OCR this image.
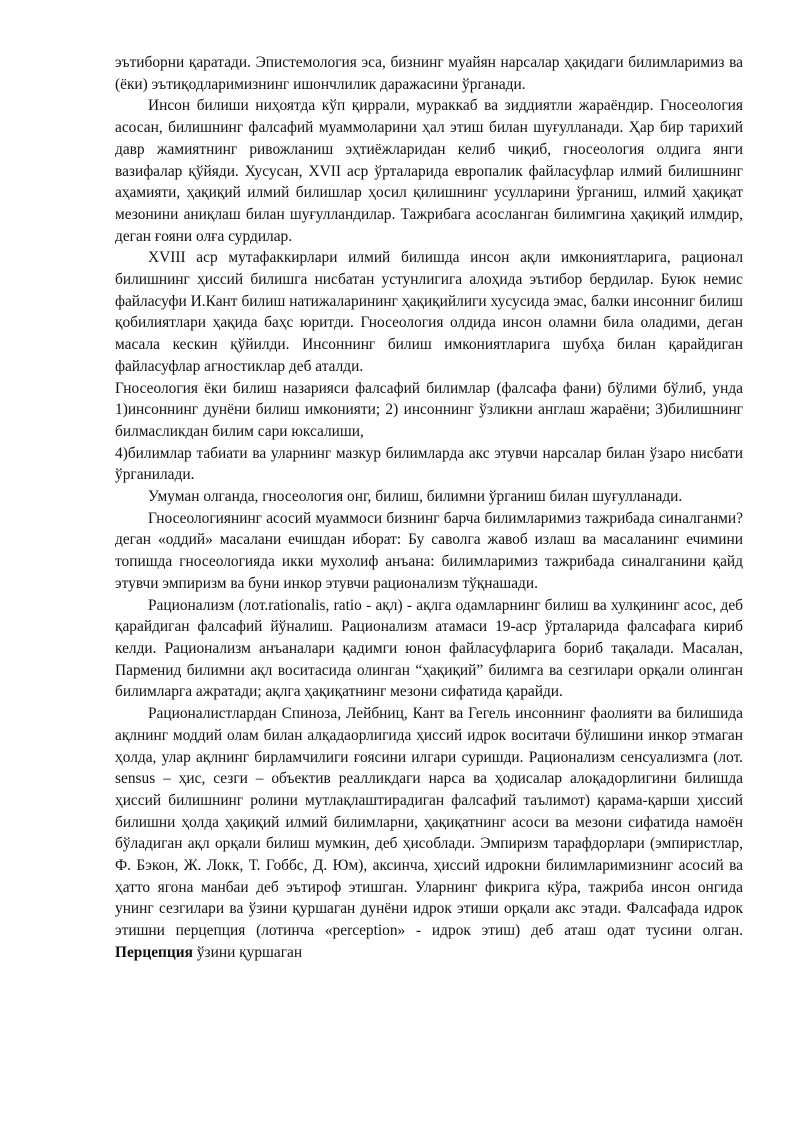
эътиборни қаратади. Эпистемология эса, бизнинг муайян нарсалар ҳақидаги билимларимиз ва (ёки) эътиқодларимизнинг ишончлилик даражасини ўрганади.

Инсон билиши ниҳоятда кўп қиррали, мураккаб ва зиддиятли жараёндир. Гносеология асосан, билишнинг фалсафий муаммоларини ҳал этиш билан шуғулланади. Ҳар бир тарихий давр жамиятнинг ривожланиш эҳтиёжларидан келиб чиқиб, гносеология олдига янги вазифалар қўйяди. Хусусан, XVII аср ўрталарида европалик файласуфлар илмий билишнинг аҳамияти, ҳақиқий илмий билишлар ҳосил қилишнинг усулларини ўрганиш, илмий ҳақиқат мезонини аниқлаш билан шуғулландилар. Тажрибага асосланган билимгина ҳақиқий илмдир, деган ғояни олға сурдилар.

XVIII аср мутафаккирлари илмий билишда инсон ақли имкониятларига, рационал билишнинг ҳиссий билишга нисбатан устунлигига алоҳида эътибор бердилар. Буюк немис файласуфи И.Кант билиш натижаларининг ҳақиқийлиги хусусида эмас, балки инсонниг билиш қобилиятлари ҳақида баҳс юритди. Гносеология олдида инсон оламни била оладими, деган масала кескин қўйилди. Инсоннинг билиш имкониятларига шубҳа билан қарайдиган файласуфлар агностиклар деб аталди.

Гносеология ёки билиш назарияси фалсафий билимлар (фалсафа фани) бўлими бўлиб, унда 1)инсоннинг дунёни билиш имконияти; 2) инсоннинг ўзликни англаш жараёни; 3)билишнинг билмасликдан билим сари юксалиши,

4)билимлар табиати ва уларнинг мазкур билимларда акс этувчи нарсалар билан ўзаро нисбати ўрганилади.

Умуман олганда, гносеология онг, билиш, билимни ўрганиш билан шуғулланади.

Гносеологиянинг асосий муаммоси бизнинг барча билимларимиз тажрибада синалганми? деган «оддий» масалани ечишдан иборат: Бу саволга жавоб излаш ва масаланинг ечимини топишда гносеологияда икки мухолиф анъана: билимларимиз тажрибада синалганини қайд этувчи эмпиризм ва буни инкор этувчи рационализм тўқнашади.

Рационализм (лот.rationalis, ratio - ақл) - ақлга одамларнинг билиш ва хулқининг асос, деб қарайдиган фалсафий йўналиш. Рационализм атамаси 19-аср ўрталарида фалсафага кириб келди. Рационализм анъаналари қадимги юнон файласуфларига бориб тақалади. Масалан, Парменид билимни ақл воситасида олинган “ҳақиқий” билимга ва сезгилари орқали олинган билимларга ажратади; ақлга ҳақиқатнинг мезони сифатида қарайди.

Рационалистлардан Спиноза, Лейбниц, Кант ва Гегель инсоннинг фаолияти ва билишида ақлнинг моддий олам билан алқадаорлигида ҳиссий идрок воситачи бўлишини инкор этмаган ҳолда, улар ақлнинг бирламчилиги ғоясини илгари суришди. Рационализм сенсуализмга (лот. sensus – ҳис, сезги – объектив реалликдаги нарса ва ҳодисалар алоқадорлигини билишда ҳиссий билишнинг ролини мутлақлаштирадиган фалсафий таълимот) қарама-қарши ҳиссий билишни ҳолда ҳақиқий илмий билимларни, ҳақиқатнинг асоси ва мезони сифатида намоён бўладиган ақл орқали билиш мумкин, деб ҳисоблади. Эмпиризм тарафдорлари (эмпиристлар, Ф. Бэкон, Ж. Локк, Т. Гоббс, Д. Юм), аксинча, ҳиссий идрокни билимларимизнинг асосий ва ҳатто ягона манбаи деб эътироф этишган. Уларнинг фикрига кўра, тажриба инсон онгида унинг сезгилари ва ўзини қуршаган дунёни идрок этиши орқали акс этади. Фалсафада идрок этишни перцепция (лотинча «perception» - идрок этиш) деб аташ одат тусини олган. Перцепция ўзини қуршаган
